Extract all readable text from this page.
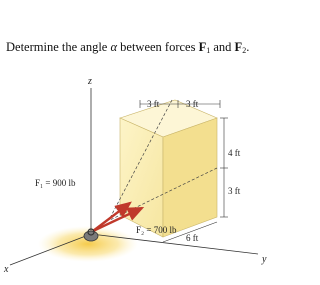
Determine the angle α between forces $F_1$ and $F_2$.
z
x
y
F₁ = 900 lb
F₂ = 700 lb
3 ft	3 ft
4 ft
3 ft
6 ft
